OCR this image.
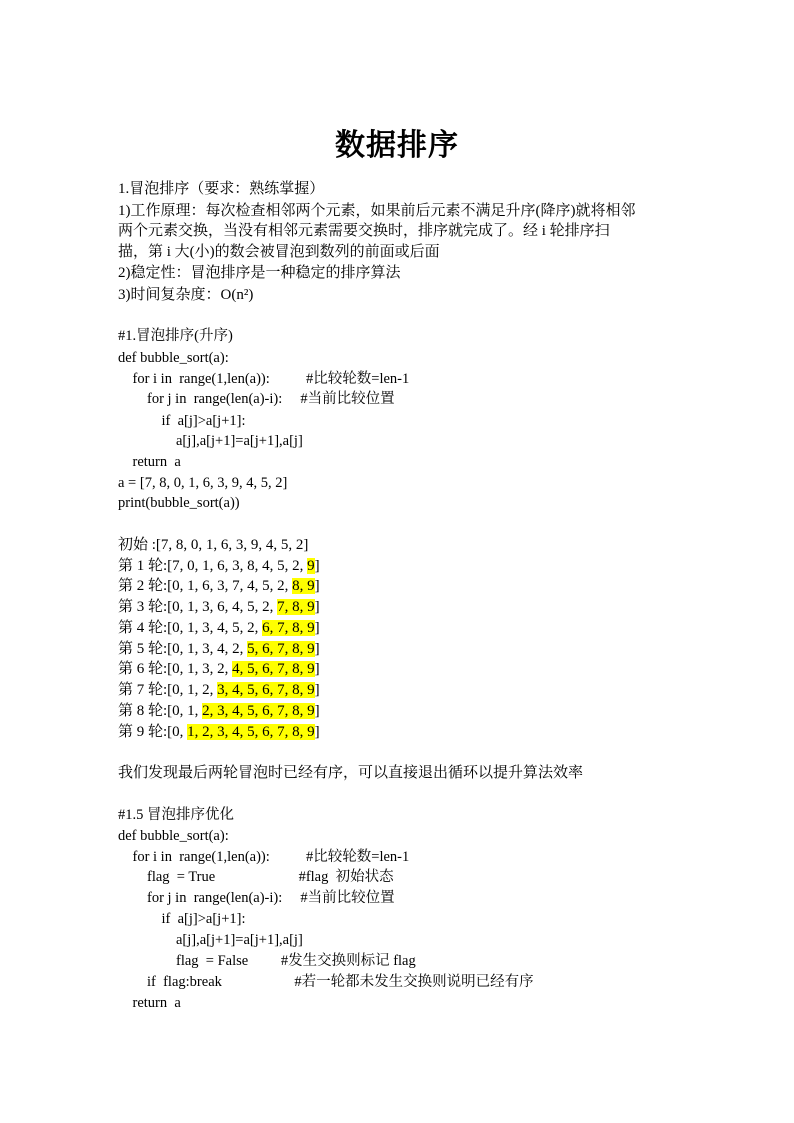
数据排序
1.冒泡排序（要求：熟练掌握）
1)工作原理：每次检查相邻两个元素，如果前后元素不满足升序(降序)就将相邻
两个元素交换，当没有相邻元素需要交换时，排序就完成了。经 i 轮排序扫
描，第 i 大(小)的数会被冒泡到数列的前面或后面
2)稳定性：冒泡排序是一种稳定的排序算法
3)时间复杂度：O(n²)
#1.冒泡排序(升序)
def bubble_sort(a):
for i in  range(1,len(a)):          #比较轮数=len-1
for j in  range(len(a)-i):     #当前比较位置
if  a[j]>a[j+1]:
a[j],a[j+1]=a[j+1],a[j]
return  a
a = [7, 8, 0, 1, 6, 3, 9, 4, 5, 2]
print(bubble_sort(a))
初始 :[7, 8, 0, 1, 6, 3, 9, 4, 5, 2]
第 1 轮:[7, 0, 1, 6, 3, 8, 4, 5, 2, 9]
第 2 轮:[0, 1, 6, 3, 7, 4, 5, 2, 8, 9]
第 3 轮:[0, 1, 3, 6, 4, 5, 2, 7, 8, 9]
第 4 轮:[0, 1, 3, 4, 5, 2, 6, 7, 8, 9]
第 5 轮:[0, 1, 3, 4, 2, 5, 6, 7, 8, 9]
第 6 轮:[0, 1, 3, 2, 4, 5, 6, 7, 8, 9]
第 7 轮:[0, 1, 2, 3, 4, 5, 6, 7, 8, 9]
第 8 轮:[0, 1, 2, 3, 4, 5, 6, 7, 8, 9]
第 9 轮:[0, 1, 2, 3, 4, 5, 6, 7, 8, 9]
我们发现最后两轮冒泡时已经有序，可以直接退出循环以提升算法效率
#1.5 冒泡排序优化
def bubble_sort(a):
for i in  range(1,len(a)):          #比较轮数=len-1
flag  = True                       #flag  初始状态
for j in  range(len(a)-i):     #当前比较位置
if  a[j]>a[j+1]:
a[j],a[j+1]=a[j+1],a[j]
flag  = False         #发生交换则标记 flag
if  flag:break                    #若一轮都未发生交换则说明已经有序
return  a
